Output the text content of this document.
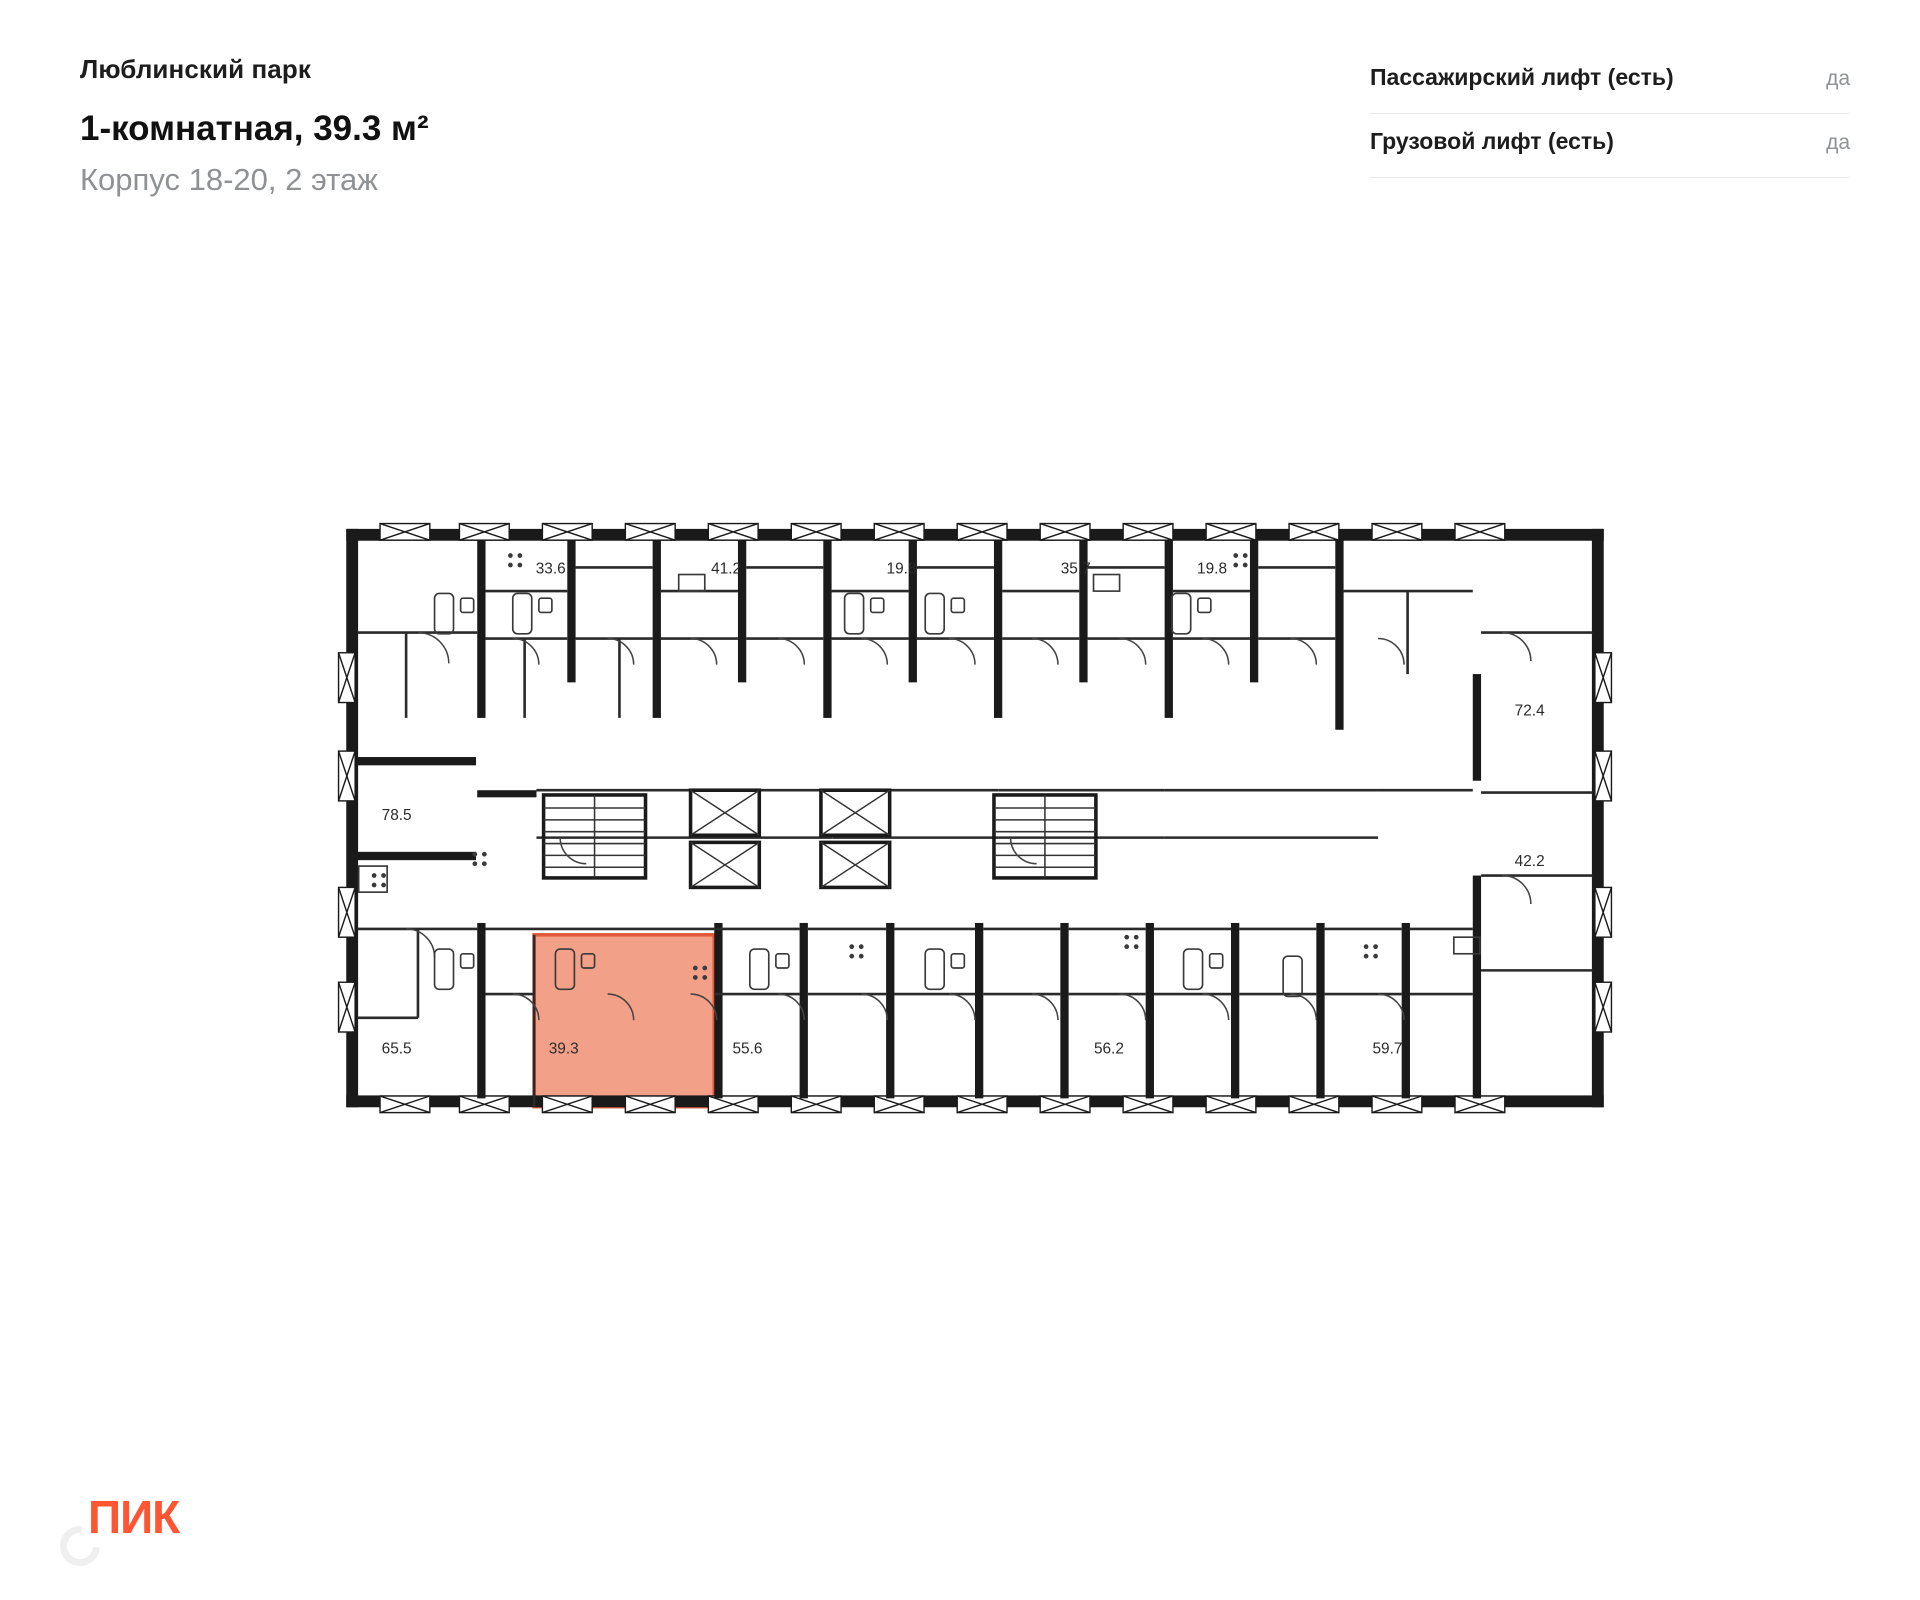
Люблинский парк
1-комнатная, 39.3 м²
Корпус 18-20, 2 этаж
Пассажирский лифт (есть)	да
Грузовой лифт (есть)	да
33.6	41.2	19.8	35.7	19.8
72.4
78.5
42.2
65.5	39.3	55.6	56.2	59.7
Домклик
ПИК
